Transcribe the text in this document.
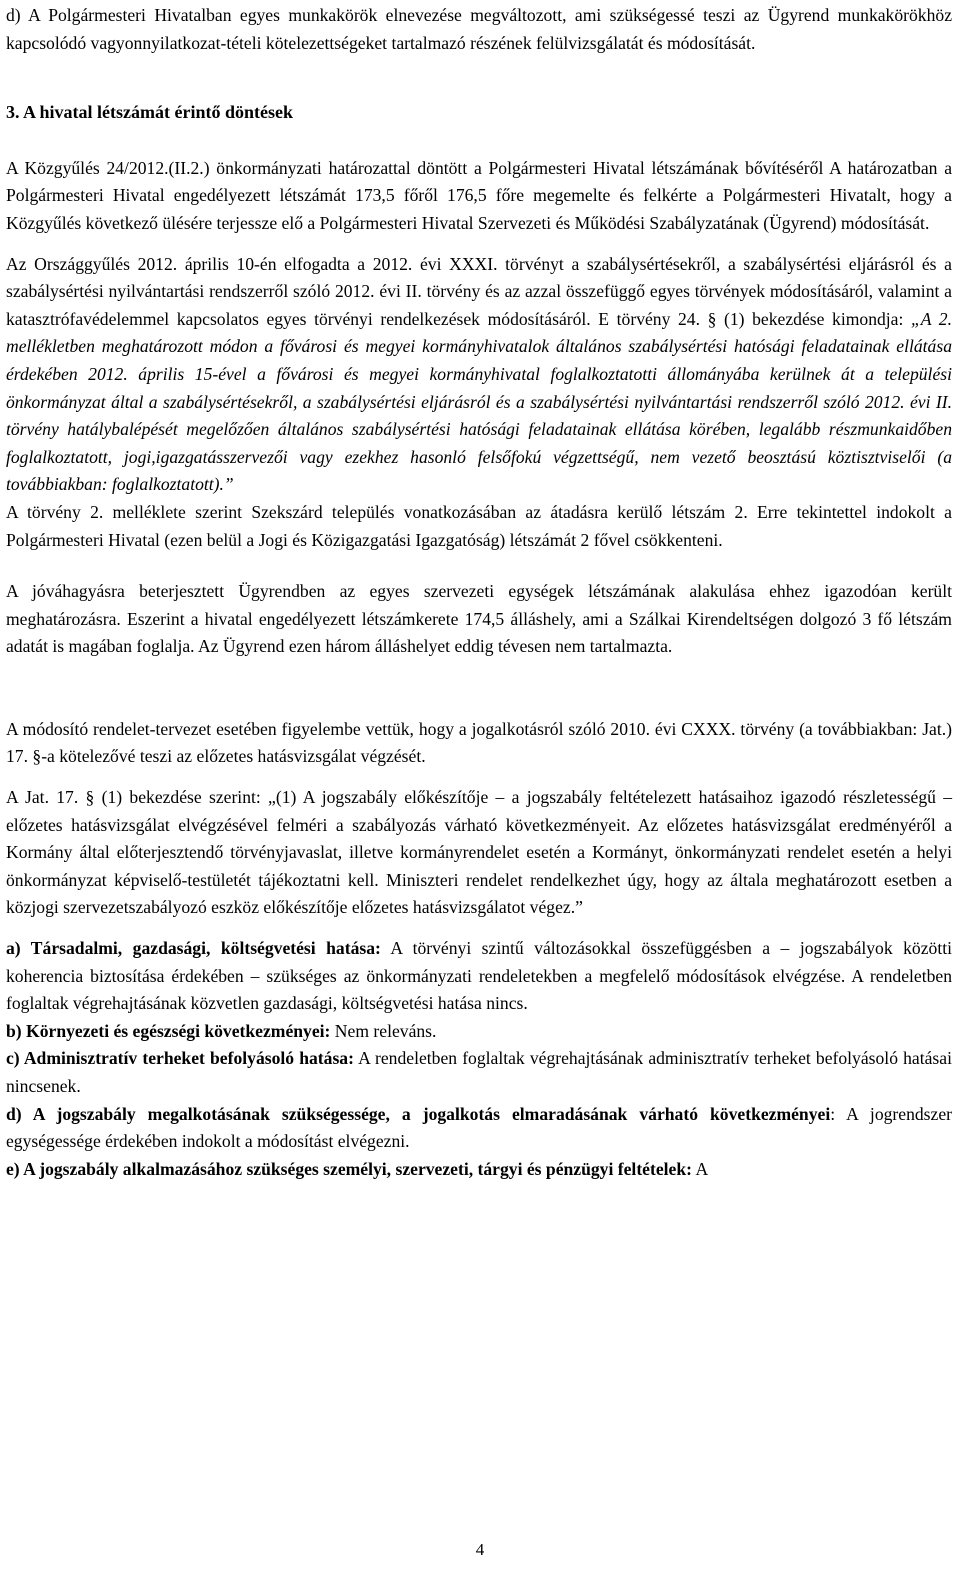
d) A Polgármesteri Hivatalban egyes munkakörök elnevezése megváltozott, ami szükségessé teszi az Ügyrend munkakörökhöz kapcsolódó vagyonnyilatkozat-tételi kötelezettségeket tartalmazó részének felülvizsgálatát és módosítását.

3. A hivatal létszámát érintő döntések

A Közgyűlés 24/2012.(II.2.) önkormányzati határozattal döntött a Polgármesteri Hivatal létszámának bővítéséről A határozatban a Polgármesteri Hivatal engedélyezett létszámát 173,5 főről 176,5 főre megemelte és felkérte a Polgármesteri Hivatalt, hogy a Közgyűlés következő ülésére terjessze elő a Polgármesteri Hivatal Szervezeti és Működési Szabályzatának (Ügyrend) módosítását.

Az Országgyűlés 2012. április 10-én elfogadta a 2012. évi XXXI. törvényt a szabálysértésekről, a szabálysértési eljárásról és a szabálysértési nyilvántartási rendszerről szóló 2012. évi II. törvény és az azzal összefüggő egyes törvények módosításáról, valamint a katasztrófavédelemmel kapcsolatos egyes törvényi rendelkezések módosításáról. E törvény 24. § (1) bekezdése kimondja: „A 2. mellékletben meghatározott módon a fővárosi és megyei kormányhivatalok általános szabálysértési hatósági feladatainak ellátása érdekében 2012. április 15-ével a fővárosi és megyei kormányhivatal foglalkoztatotti állományába kerülnek át a települési önkormányzat által a szabálysértésekről, a szabálysértési eljárásról és a szabálysértési nyilvántartási rendszerről szóló 2012. évi II. törvény hatálybalépését megelőzően általános szabálysértési hatósági feladatainak ellátása körében, legalább részmunkaidőben foglalkoztatott, jogi,igazgatásszervezői vagy ezekhez hasonló felsőfokú végzettségű, nem vezető beosztású köztisztviselői (a továbbiakban: foglalkoztatott).”

A törvény 2. melléklete szerint Szekszárd település vonatkozásában az átadásra kerülő létszám 2. Erre tekintettel indokolt a Polgármesteri Hivatal (ezen belül a Jogi és Közigazgatási Igazgatóság) létszámát 2 fővel csökkenteni.

A jóváhagyásra beterjesztett Ügyrendben az egyes szervezeti egységek létszámának alakulása ehhez igazodóan került meghatározásra. Eszerint a hivatal engedélyezett létszámkerete 174,5 álláshely, ami a Szálkai Kirendeltségen dolgozó 3 fő létszám adatát is magában foglalja. Az Ügyrend ezen három álláshelyet eddig tévesen nem tartalmazta.

A módosító rendelet-tervezet esetében figyelembe vettük, hogy a jogalkotásról szóló 2010. évi CXXX. törvény (a továbbiakban: Jat.) 17. §-a kötelezővé teszi az előzetes hatásvizsgálat végzését.

A Jat. 17. § (1) bekezdése szerint: „(1) A jogszabály előkészítője – a jogszabály feltételezett hatásaihoz igazodó részletességű – előzetes hatásvizsgálat elvégzésével felméri a szabályozás várható következményeit. Az előzetes hatásvizsgálat eredményéről a Kormány által előterjesztendő törvényjavaslat, illetve kormányrendelet esetén a Kormányt, önkormányzati rendelet esetén a helyi önkormányzat képviselő-testületét tájékoztatni kell. Miniszteri rendelet rendelkezhet úgy, hogy az általa meghatározott esetben a közjogi szervezetszabályozó eszköz előkészítője előzetes hatásvizsgálatot végez.”

a) Társadalmi, gazdasági, költségvetési hatása: A törvényi szintű változásokkal összefüggésben a – jogszabályok közötti koherencia biztosítása érdekében – szükséges az önkormányzati rendeletekben a megfelelő módosítások elvégzése. A rendeletben foglaltak végrehajtásának közvetlen gazdasági, költségvetési hatása nincs.

b) Környezeti és egészségi következményei: Nem releváns.

c) Adminisztratív terheket befolyásoló hatása: A rendeletben foglaltak végrehajtásának adminisztratív terheket befolyásoló hatásai nincsenek.

d) A jogszabály megalkotásának szükségessége, a jogalkotás elmaradásának várható következményei: A jogrendszer egységessége érdekében indokolt a módosítást elvégezni.

e) A jogszabály alkalmazásához szükséges személyi, szervezeti, tárgyi és pénzügyi feltételek: A

4
